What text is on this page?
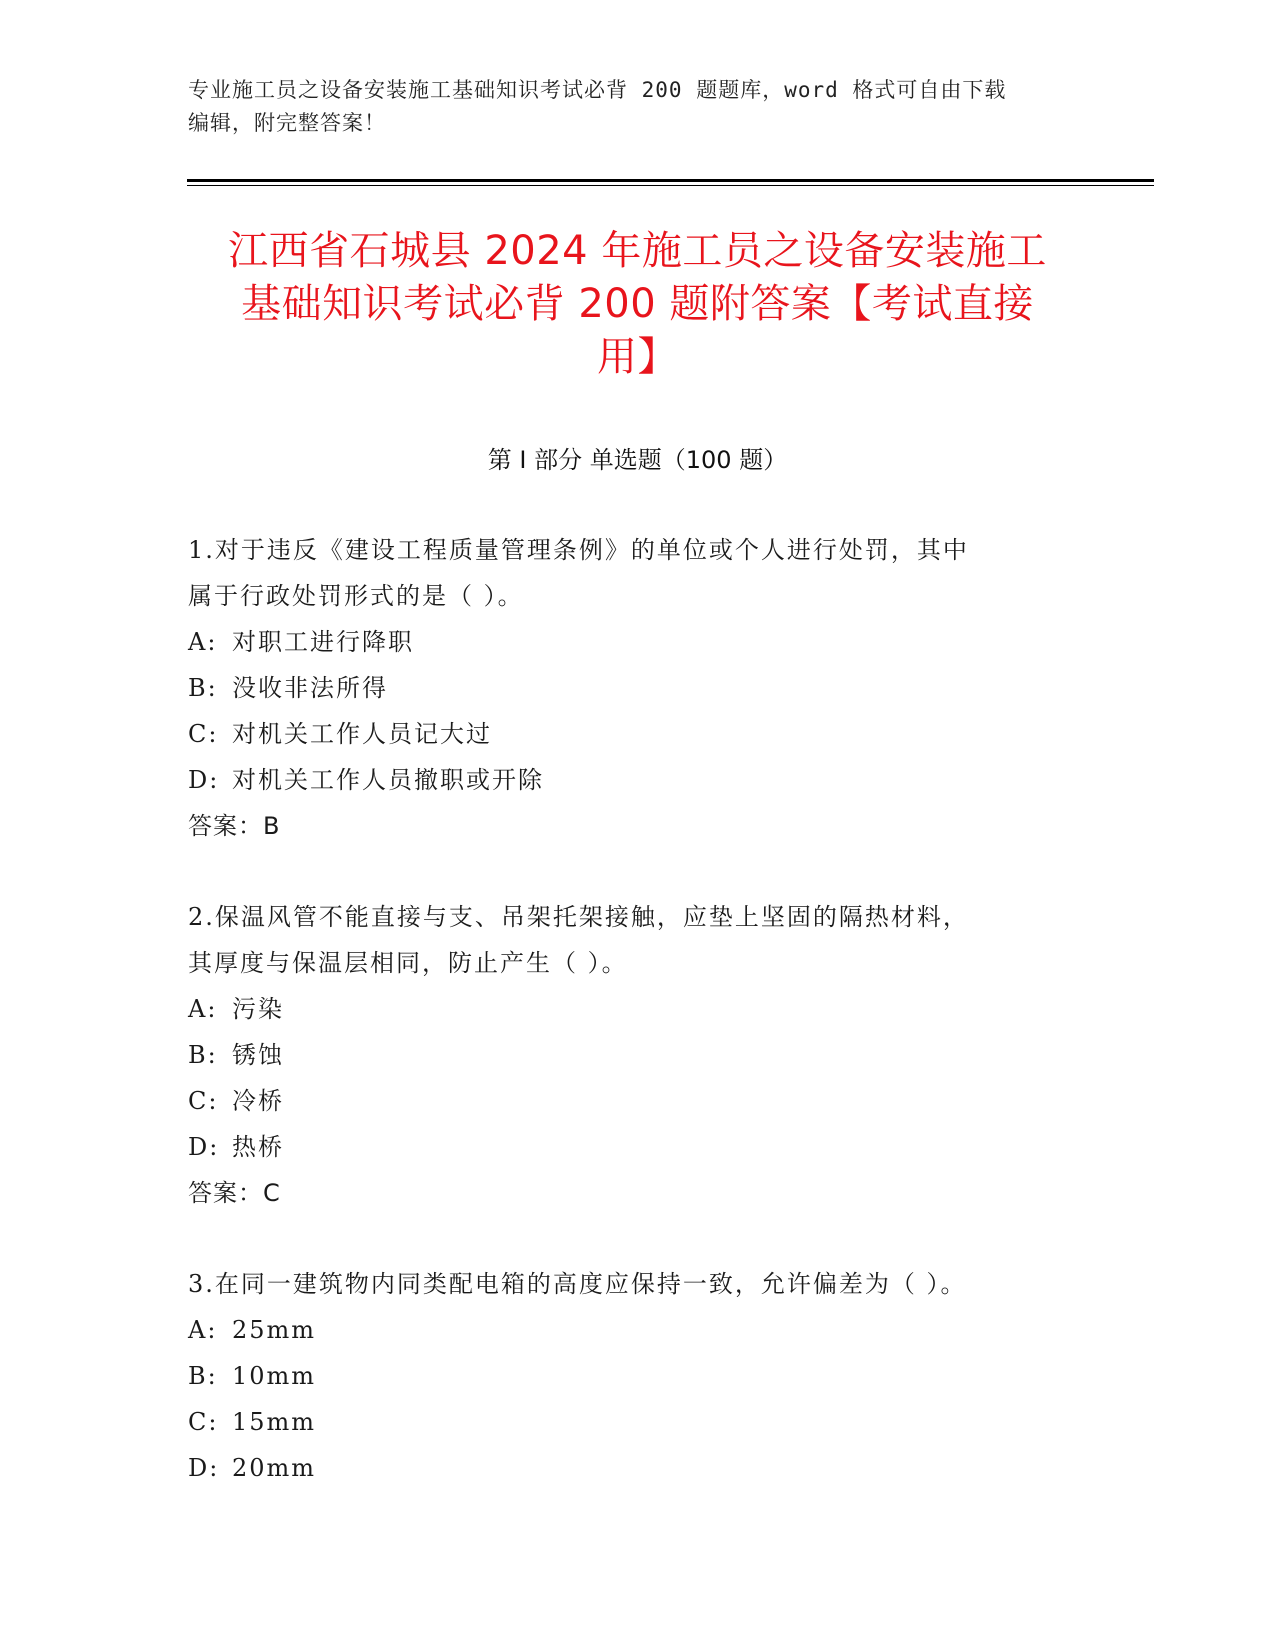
专业施工员之设备安装施工基础知识考试必背 200 题题库，word 格式可自由下载
编辑，附完整答案！
江西省石城县 2024 年施工员之设备安装施工
基础知识考试必背 200 题附答案【考试直接
用】
第 I 部分 单选题（100 题）

1.对于违反《建设工程质量管理条例》的单位或个人进行处罚，其中

属于行政处罚形式的是（ ）。

A: 对职工进行降职

B: 没收非法所得

C: 对机关工作人员记大过

D: 对机关工作人员撤职或开除

答案：B

2.保温风管不能直接与支、吊架托架接触，应垫上坚固的隔热材料，

其厚度与保温层相同，防止产生（ ）。

A: 污染

B: 锈蚀

C: 冷桥

D: 热桥

答案：C

3.在同一建筑物内同类配电箱的高度应保持一致，允许偏差为（ ）。

A: 25mm

B: 10mm

C: 15mm

D: 20mm
